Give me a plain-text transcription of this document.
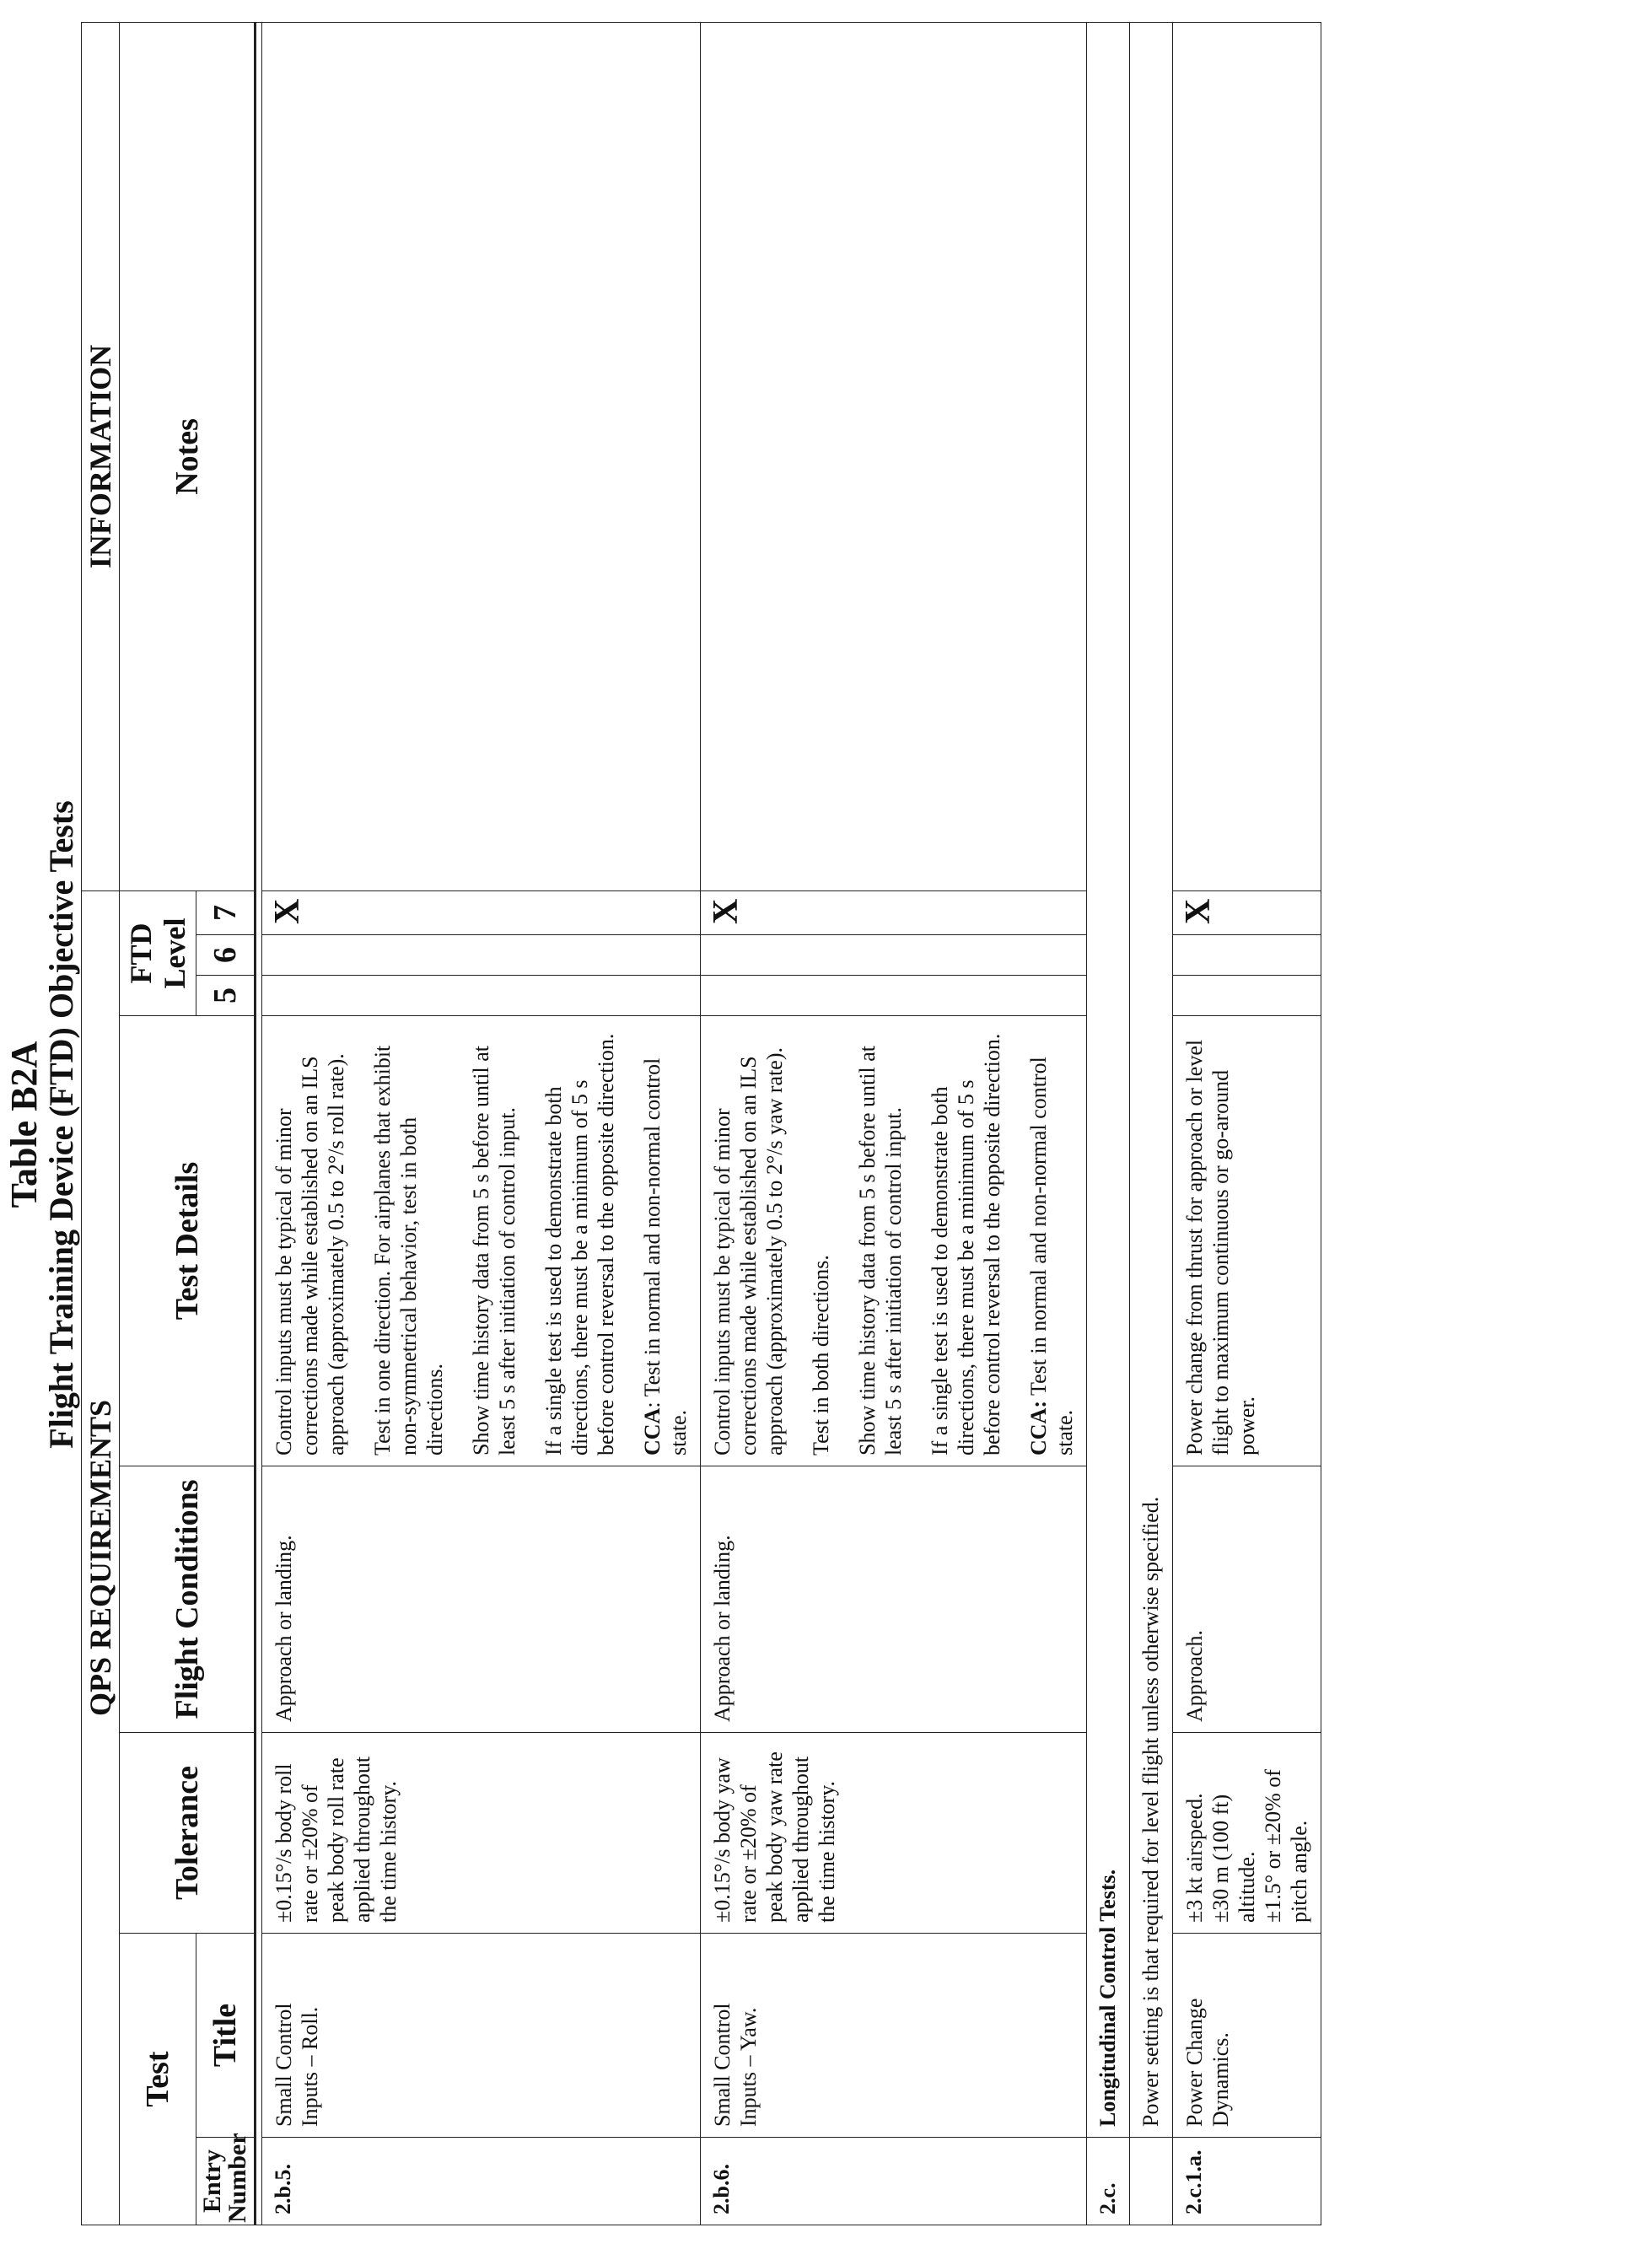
Table B2A
Flight Training Device (FTD) Objective Tests
QPS REQUIREMENTS								INFORMATION
Test		Tolerance	Flight Conditions	Test Details	FTD Level			Notes
Entry Number	Title				5	6	7	

2.b.5.	Small Control Inputs – Roll.	±0.15°/s body roll rate or ±20% of peak body roll rate applied throughout the time history.	Approach or landing.	Control inputs must be typical of minor corrections made while established on an ILS approach (approximately 0.5 to 2°/s roll rate). Test in one direction. For airplanes that exhibit non-symmetrical behavior, test in both directions. Show time history data from 5 s before until at least 5 s after initiation of control input. If a single test is used to demonstrate both directions, there must be a minimum of 5 s before control reversal to the opposite direction. CCA: Test in normal and non-normal control state.			X	
2.b.6.	Small Control Inputs – Yaw.	±0.15°/s body yaw rate or ±20% of peak body yaw rate applied throughout the time history.	Approach or landing.	Control inputs must be typical of minor corrections made while established on an ILS approach (approximately 0.5 to 2°/s yaw rate). Test in both directions. Show time history data from 5 s before until at least 5 s after initiation of control input. If a single test is used to demonstrate both directions, there must be a minimum of 5 s before control reversal to the opposite direction. CCA: Test in normal and non-normal control state.			X	
2.c.	Longitudinal Control Tests.							
	Power setting is that required for level flight unless otherwise specified.							
2.c.1.a.	Power Change Dynamics.	±3 kt airspeed. ±30 m (100 ft) altitude. ±1.5° or ±20% of pitch angle.	Approach.	Power change from thrust for approach or level flight to maximum continuous or go-around power.			X	
